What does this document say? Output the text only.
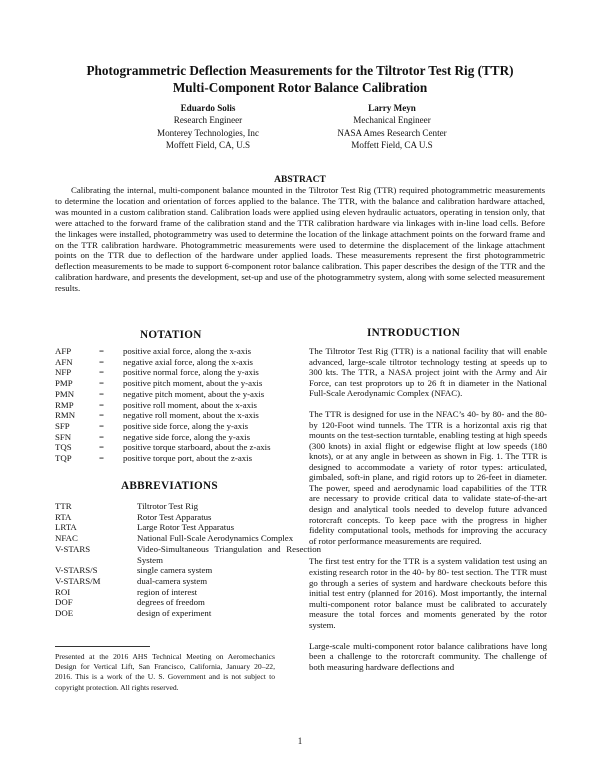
Photogrammetric Deflection Measurements for the Tiltrotor Test Rig (TTR)
Multi-Component Rotor Balance Calibration
Eduardo Solis
Research Engineer
Monterey Technologies, Inc
Moffett Field, CA, U.S
Larry Meyn
Mechanical Engineer
NASA Ames Research Center
Moffett Field, CA U.S
ABSTRACT

Calibrating the internal, multi-component balance mounted in the Tiltrotor Test Rig (TTR) required photogrammetric measurements to determine the location and orientation of forces applied to the balance. The TTR, with the balance and calibration hardware attached, was mounted in a custom calibration stand. Calibration loads were applied using eleven hydraulic actuators, operating in tension only, that were attached to the forward frame of the calibration stand and the TTR calibration hardware via linkages with in-line load cells. Before the linkages were installed, photogrammetry was used to determine the location of the linkage attachment points on the forward frame and on the TTR calibration hardware. Photogrammetric measurements were used to determine the displacement of the linkage attachment points on the TTR due to deflection of the hardware under applied loads. These measurements represent the first photogrammetric deflection measurements to be made to support 6-component rotor balance calibration. This paper describes the design of the TTR and the calibration hardware, and presents the development, set-up and use of the photogrammetry system, along with some selected measurement results.

NOTATION
AFP	=	positive axial force, along the x-axis
AFN	=	negative axial force, along the x-axis
NFP	=	positive normal force, along the y-axis
PMP	=	positive pitch moment, about the y-axis
PMN	=	negative pitch moment, about the y-axis
RMP	=	positive roll moment, about the x-axis
RMN	=	negative roll moment, about the x-axis
SFP	=	positive side force, along the y-axis
SFN	=	negative side force, along the y-axis
TQS	=	positive torque starboard, about the z-axis
TQP	=	positive torque port, about the z-axis
ABBREVIATIONS
TTR	Tiltrotor Test Rig
RTA	Rotor Test Apparatus
LRTA	Large Rotor Test Apparatus
NFAC	National Full-Scale Aerodynamics Complex
V-STARS	Video-Simultaneous Triangulation and Resection System
V-STARS/S	single camera system
V-STARS/M	dual-camera system
ROI	region of interest
DOF	degrees of freedom
DOE	design of experiment
INTRODUCTION

The Tiltrotor Test Rig (TTR) is a national facility that will enable advanced, large-scale tiltrotor technology testing at speeds up to 300 kts. The TTR, a NASA project joint with the Army and Air Force, can test proprotors up to 26 ft in diameter in the National Full-Scale Aerodynamic Complex (NFAC).

The TTR is designed for use in the NFAC’s 40- by 80- and the 80- by 120-Foot wind tunnels. The TTR is a horizontal axis rig that mounts on the test-section turntable, enabling testing at high speeds (300 knots) in axial flight or edgewise flight at low speeds (180 knots), or at any angle in between as shown in Fig. 1. The TTR is designed to accommodate a variety of rotor types: articulated, gimbaled, soft-in plane, and rigid rotors up to 26-feet in diameter. The power, speed and aerodynamic load capabilities of the TTR are necessary to provide critical data to validate state-of-the-art design and analytical tools needed to develop future advanced rotorcraft concepts. To keep pace with the progress in higher fidelity computational tools, methods for improving the accuracy of rotor performance measurements are required.

The first test entry for the TTR is a system validation test using an existing research rotor in the 40- by 80- test section. The TTR must go through a series of system and hardware checkouts before this initial test entry (planned for 2016). Most importantly, the internal multi-component rotor balance must be calibrated to accurately measure the total forces and moments generated by the rotor system.

Large-scale multi-component rotor balance calibrations have long been a challenge to the rotorcraft community. The challenge of both measuring hardware deflections and

Presented at the 2016 AHS Technical Meeting on Aeromechanics Design for Vertical Lift, San Francisco, California, January 20–22, 2016. This is a work of the U. S. Government and is not subject to copyright protection. All rights reserved.

1
